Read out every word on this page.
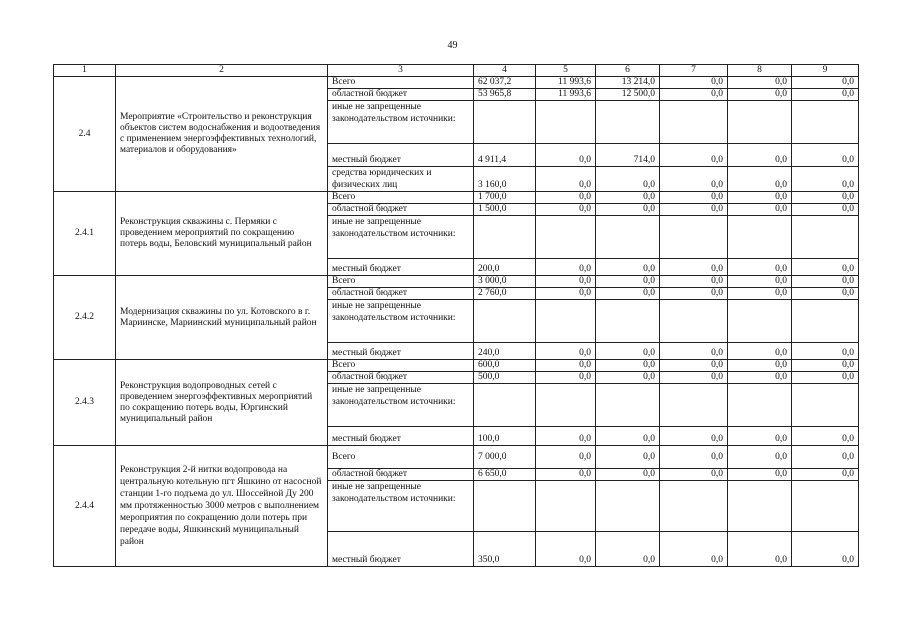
49
1	2	3	4	5	6	7	8	9
2.4	Мероприятие «Строительство и реконструкция объектов систем водоснабжения и водоотведения с применением энергоэффективных технологий, материалов и оборудования»	Всего	62 037,2	11 993,6	13 214,0	0,0	0,0	0,0
		областной бюджет	53 965,8	11 993,6	12 500,0	0,0	0,0	0,0
		иные не запрещенные законодательством источники:						
		местный бюджет	4 911,4	0,0	714,0	0,0	0,0	0,0
		средства юридических и физических лиц	3 160,0	0,0	0,0	0,0	0,0	0,0
2.4.1	Реконструкция скважины с. Пермяки с проведением мероприятий по сокращению потерь воды, Беловский муниципальный район	Всего	1 700,0	0,0	0,0	0,0	0,0	0,0
		областной бюджет	1 500,0	0,0	0,0	0,0	0,0	0,0
		иные не запрещенные законодательством источники:						
		местный бюджет	200,0	0,0	0,0	0,0	0,0	0,0
2.4.2	Модернизация скважины по ул. Котовского в г. Мариинске, Мариинский муниципальный район	Всего	3 000,0	0,0	0,0	0,0	0,0	0,0
		областной бюджет	2 760,0	0,0	0,0	0,0	0,0	0,0
		иные не запрещенные законодательством источники:						
		местный бюджет	240,0	0,0	0,0	0,0	0,0	0,0
2.4.3	Реконструкция водопроводных сетей с проведением энергоэффективных мероприятий по сокращению потерь воды, Юргинский муниципальный район	Всего	600,0	0,0	0,0	0,0	0,0	0,0
		областной бюджет	500,0	0,0	0,0	0,0	0,0	0,0
		иные не запрещенные законодательством источники:						
		местный бюджет	100,0	0,0	0,0	0,0	0,0	0,0
2.4.4	Реконструкция 2-й нитки водопровода на центральную котельную пгт Яшкино от насосной станции 1-го подъема до ул. Шоссейной Ду 200 мм протяженностью 3000 метров с выполнением мероприятия по сокращению доли потерь при передаче воды, Яшкинский муниципальный район	Всего	7 000,0	0,0	0,0	0,0	0,0	0,0
		областной бюджет	6 650,0	0,0	0,0	0,0	0,0	0,0
		иные не запрещенные законодательством источники:						
		местный бюджет	350,0	0,0	0,0	0,0	0,0	0,0
